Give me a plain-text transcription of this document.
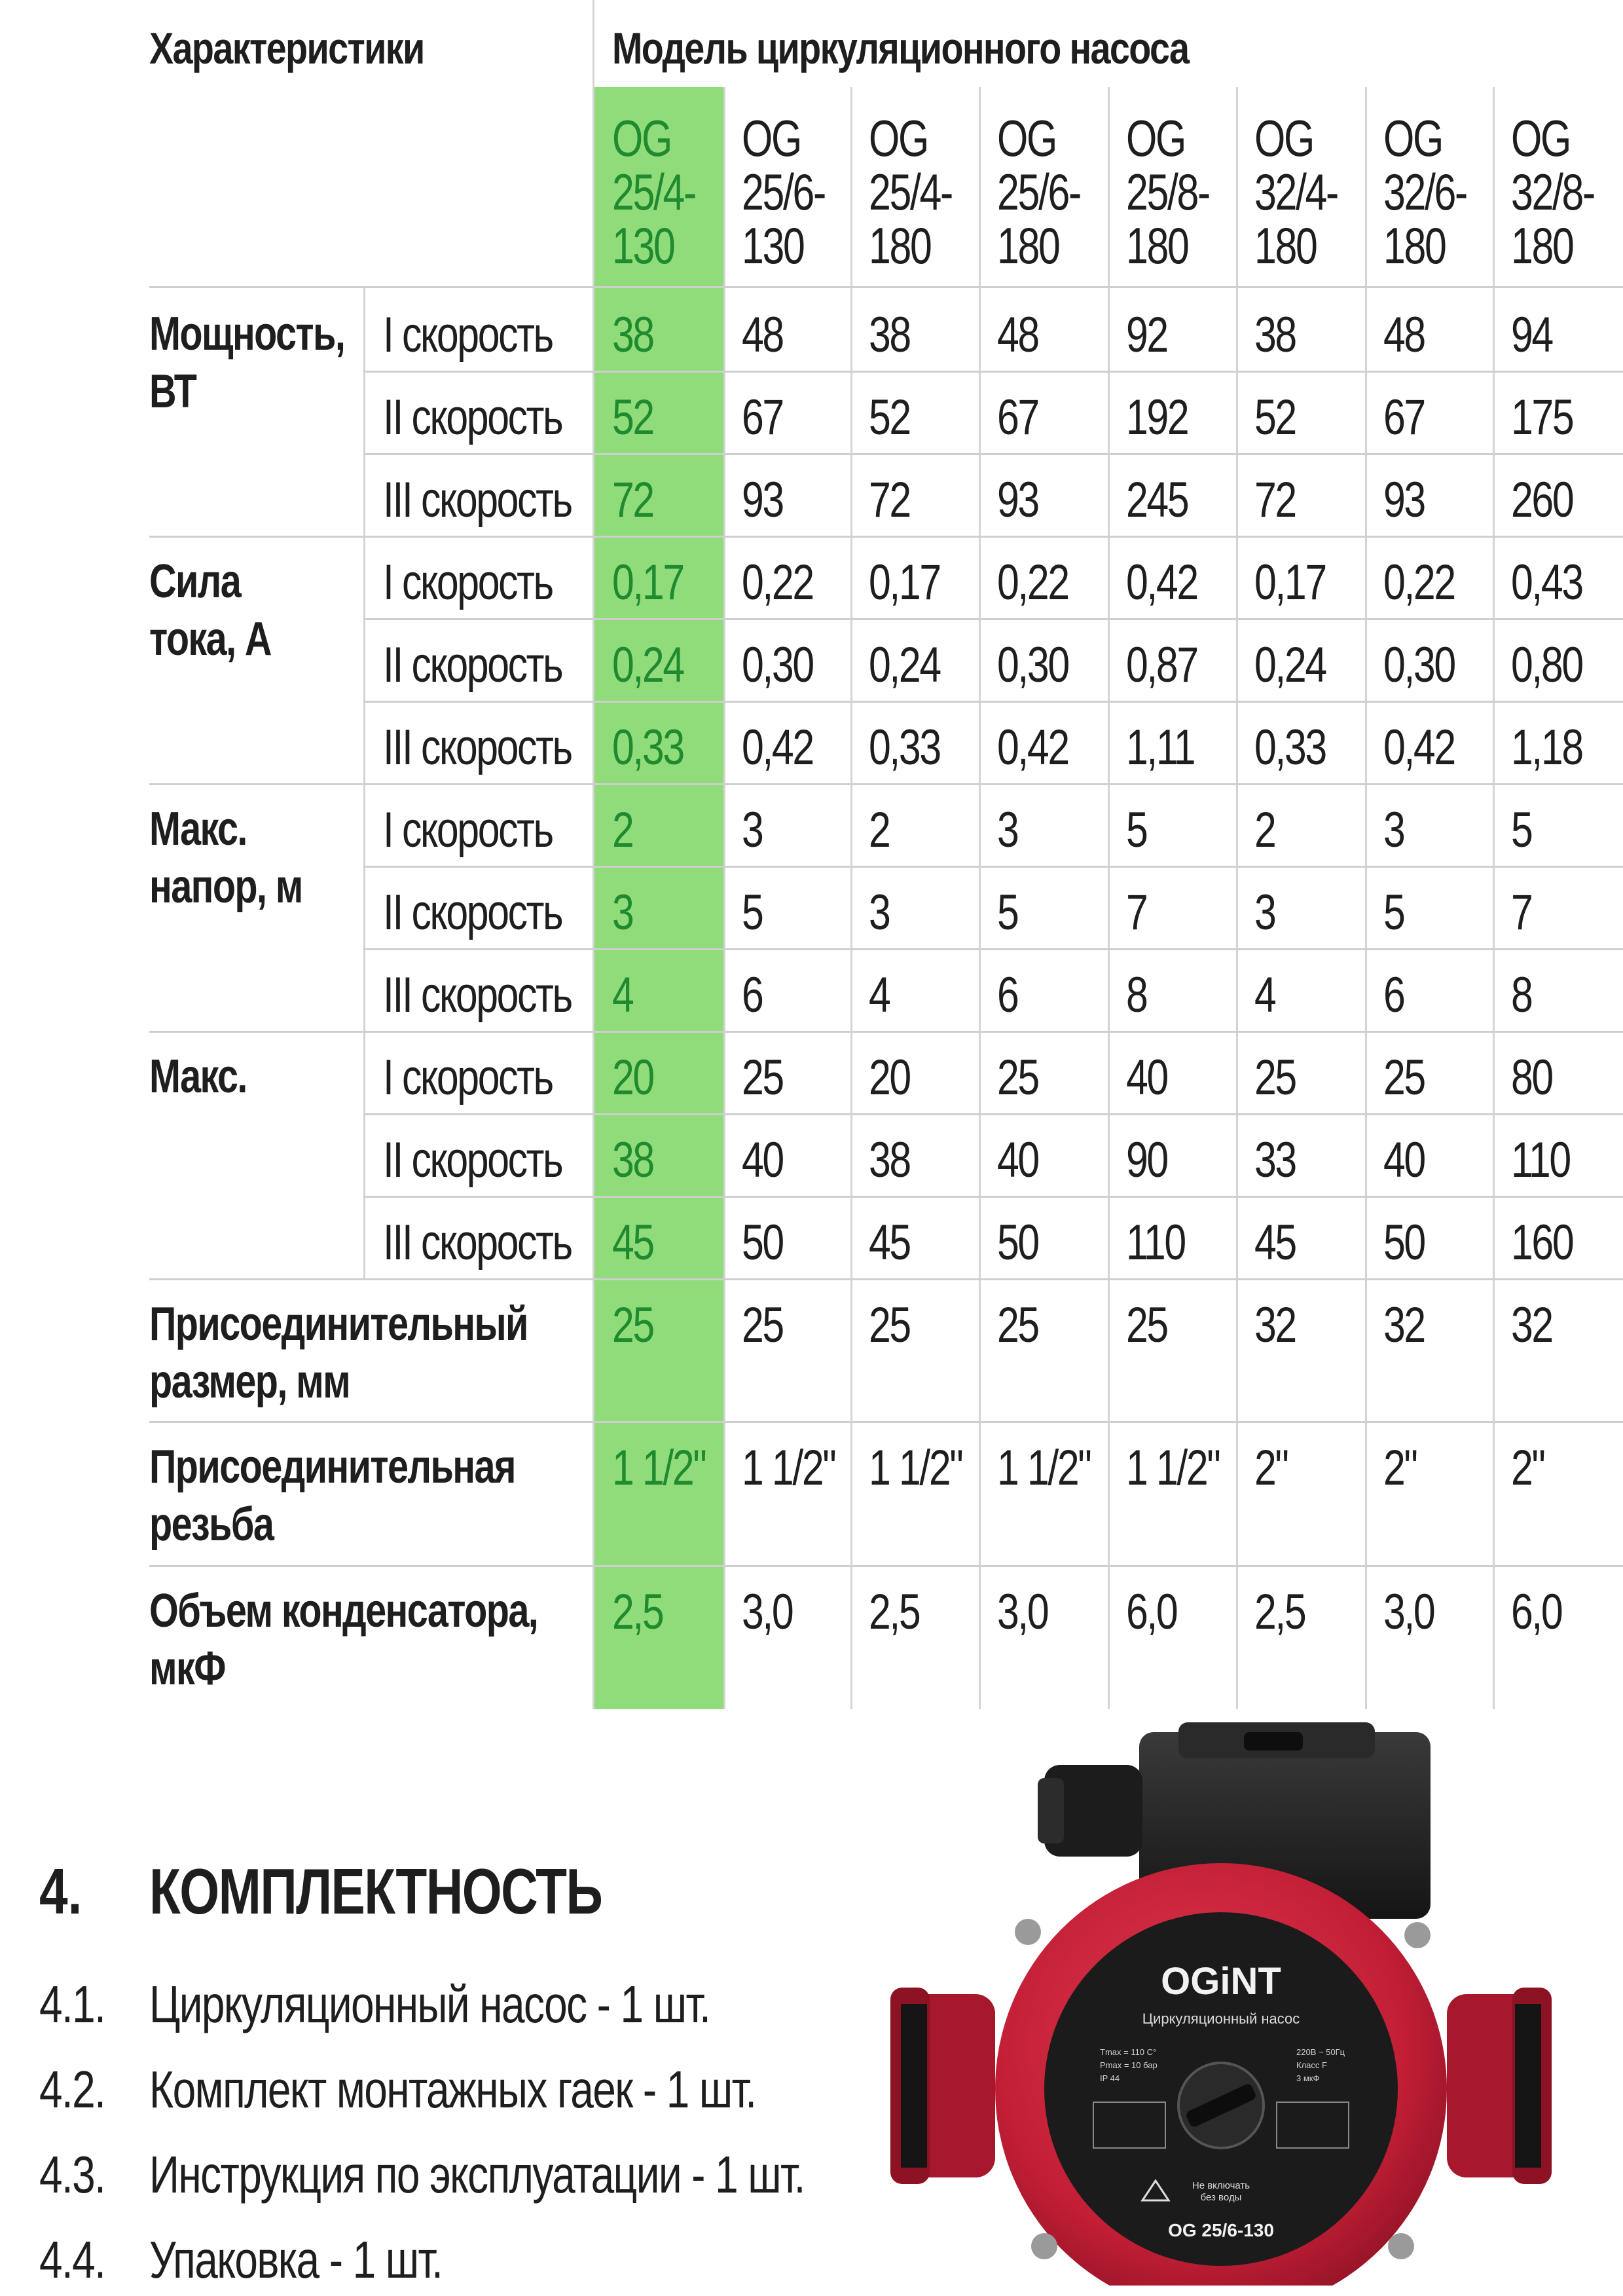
Характеристики	Модель циркуляционного насоса
OG
25/4-
130
OG
25/6-
130
OG
25/4-
180
OG
25/6-
180
OG
25/8-
180
OG
32/4-
180
OG
32/6-
180
OG
32/8-
180
Мощность,
ВТ
I скорость 38 48 38 48 92 38 48 94
II скорость 52 67 52 67 192 52 67 175
III скорость 72 93 72 93 245 72 93 260
Сила
тока, А
I скорость 0,17 0,22 0,17 0,22 0,42 0,17 0,22 0,43
II скорость 0,24 0,30 0,24 0,30 0,87 0,24 0,30 0,80
III скорость 0,33 0,42 0,33 0,42 1,11 0,33 0,42 1,18
Макс.
напор, м
I скорость 2 3 2 3 5 2 3 5
II скорость 3 5 3 5 7 3 5 7
III скорость 4 6 4 6 8 4 6 8
Макс.	I скорость 20 25 20 25 40 25 25 80
II скорость 38 40 38 40 90 33 40 110
III скорость 45 50 45 50 110 45 50 160
Присоединительный
размер, мм
25 25 25 25 25 32 32 32
Присоединительная
резьба
1 1/2" 1 1/2" 1 1/2" 1 1/2" 1 1/2" 2" 2" 2"
Объем конденсатора,
мкФ
2,5 3,0 2,5 3,0 6,0 2,5 3,0 6,0
4. КОМПЛЕКТНОСТЬ
4.1. Циркуляционный насос - 1 шт.
4.2. Комплект монтажных гаек - 1 шт.
4.3. Инструкция по эксплуатации - 1 шт.
4.4. Упаковка - 1 шт.
OGiNT
Циркуляционный насос
Tmax = 110 C°
Pmax = 10 бар
IP 44
220В ~ 50Гц
Класс F
3 мкФ
Не включать
без воды
OG 25/6-130
